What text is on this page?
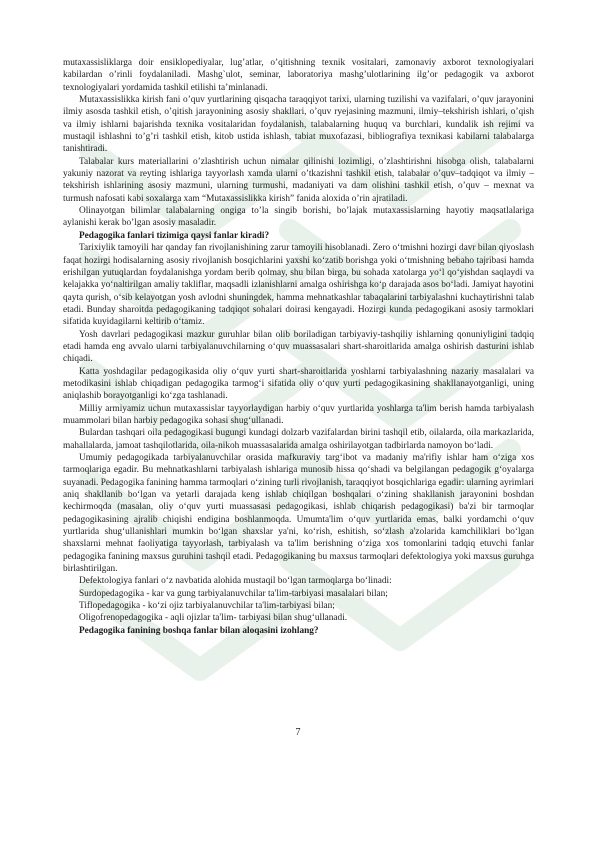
mutaxassisliklarga doir ensiklopediyalar, lug’atlar, o’qitishning texnik vositalari, zamonaviy axborot texnologiyalari kabilardan o’rinli foydalaniladi. Mashg`ulot, seminar, laboratoriya mashg’ulotlarining ilg’or pedagogik va axborot texnologiyalari yordamida tashkil etilishi ta’minlanadi.

Mutaxassislikka kirish fani o’quv yurtlarining qisqacha taraqqiyot tarixi, ularning tuzilishi va vazifalari, o’quv jarayonini ilmiy asosda tashkil etish, o’qitish jarayonining asosiy shakllari, o’quv ryejasining mazmuni, ilmiy–tekshirish ishlari, o’qish va ilmiy ishlarni bajarishda texnika vositalaridan foydalanish, talabalarning huquq va burchlari, kundalik ish rejimi va mustaqil ishlashni to’g’ri tashkil etish, kitob ustida ishlash, tabiat muxofazasi, bibliografiya texnikasi kabilarni talabalarga tanishtiradi.

Talabalar kurs materiallarini o’zlashtirish uchun nimalar qilinishi lozimligi, o’zlashtirishni hisobga olish, talabalarni yakuniy nazorat va reyting ishlariga tayyorlash xamda ularni o’tkazishni tashkil etish, talabalar o’quv–tadqiqot va ilmiy – tekshirish ishlarining asosiy mazmuni, ularning turmushi, madaniyati va dam olishini tashkil etish, o’quv – mexnat va turmush nafosati kabi soxalarga xam “Mutaxassislikka kirish” fanida aloxida o’rin ajratiladi.

Olinayotgan bilimlar talabalarning ongiga to’la singib borishi, bo’lajak mutaxassislarning hayotiy maqsatlalariga aylanishi kerak bo’lgan asosiy masaladir.

Pedagogika fanlari tizimiga qaysi fanlar kiradi?

Tarixiylik tamoyili har qanday fan rivojlanishining zarur tamoyili hisoblanadi. Zero o‘tmishni hozirgi davr bilan qiyoslash faqat hozirgi hodisalarning asosiy rivojlanish bosqichlarini yaxshi ko‘zatib borishga yoki o‘tmishning bebaho tajribasi hamda erishilgan yutuqlardan foydalanishga yordam berib qolmay, shu bilan birga, bu sohada xatolarga yo‘l qo‘yishdan saqlaydi va kelajakka yo‘naltirilgan amaliy takliflar, maqsadli izlanishlarni amalga oshirishga ko‘p darajada asos bo‘ladi. Jamiyat hayotini qayta qurish, o‘sib kelayotgan yosh avlodni shuningdek, hamma mehnatkashlar tabaqalarini tarbiyalashni kuchaytirishni talab etadi. Bunday sharoitda pedagogikaning tadqiqot sohalari doirasi kengayadi. Hozirgi kunda pedagogikani asosiy tarmoklari sifatida kuyidagilarni keltirib o‘tamiz.

Yosh davrlari pedagogikasi mazkur guruhlar bilan olib boriladigan tarbiyaviy-tashqiliy ishlarning qonuniyligini tadqiq etadi hamda eng avvalo ularni tarbiyalanuvchilarning o‘quv muassasalari shart-sharoitlarida amalga oshirish dasturini ishlab chiqadi.

Katta yoshdagilar pedagogikasida oliy o‘quv yurti shart-sharoitlarida yoshlarni tarbiyalashning nazariy masalalari va metodikasini ishlab chiqadigan pedagogika tarmog‘i sifatida oliy o‘quv yurti pedagogikasining shakllanayotganligi, uning aniqlashib borayotganligi ko‘zga tashlanadi.

Milliy armiyamiz uchun mutaxassislar tayyorlaydigan harbiy o‘quv yurtlarida yoshlarga ta'lim berish hamda tarbiyalash muammolari bilan harbiy pedagogika sohasi shug‘ullanadi.

Bulardan tashqari oila pedagogikasi bugungi kundagi dolzarb vazifalardan birini tashqil etib, oilalarda, oila markazlarida, mahallalarda, jamoat tashqilotlarida, oila-nikoh muassasalarida amalga oshirilayotgan tadbirlarda namoyon bo‘ladi.

Umumiy pedagogikada tarbiyalanuvchilar orasida mafkuraviy targ‘ibot va madaniy ma'rifiy ishlar ham o‘ziga xos tarmoqlariga egadir. Bu mehnatkashlarni tarbiyalash ishlariga munosib hissa qo‘shadi va belgilangan pedagogik g‘oyalarga suyanadi. Pedagogika fanining hamma tarmoqlari o‘zining turli rivojlanish, taraqqiyot bosqichlariga egadir: ularning ayrimlari aniq shakllanib bo‘lgan va yetarli darajada keng ishlab chiqilgan boshqalari o‘zining shakllanish jarayonini boshdan kechirmoqda (masalan, oliy o‘quv yurti muassasasi pedagogikasi, ishlab chiqarish pedagogikasi) ba'zi bir tarmoqlar pedagogikasining ajralib chiqishi endigina boshlanmoqda. Umumta'lim o‘quv yurtlarida emas, balki yordamchi o‘quv yurtlarida shug‘ullanishlari mumkin bo‘lgan shaxslar ya'ni, ko‘rish, eshitish, so‘zlash a'zolarida kamchiliklari bo‘lgan shaxslarni mehnat faoliyatiga tayyorlash, tarbiyalash va ta'lim berishning o‘ziga xos tomonlarini tadqiq etuvchi fanlar pedagogika fanining maxsus guruhini tashqil etadi. Pedagogikaning bu maxsus tarmoqlari defektologiya yoki maxsus guruhga birlashtirilgan.

Defektologiya fanlari o‘z navbatida alohida mustaqil bo‘lgan tarmoqlarga bo‘linadi:

Surdopedagogika - kar va gung tarbiyalanuvchilar ta'lim-tarbiyasi masalalari bilan;

Tiflopedagogika - ko‘zi ojiz tarbiyalanuvchilar ta'lim-tarbiyasi bilan;

Oligofrenopedagogika - aqli ojizlar ta'lim- tarbiyasi bilan shug‘ullanadi.

Pedagogika fanining boshqa fanlar bilan aloqasini izohlang?

7
